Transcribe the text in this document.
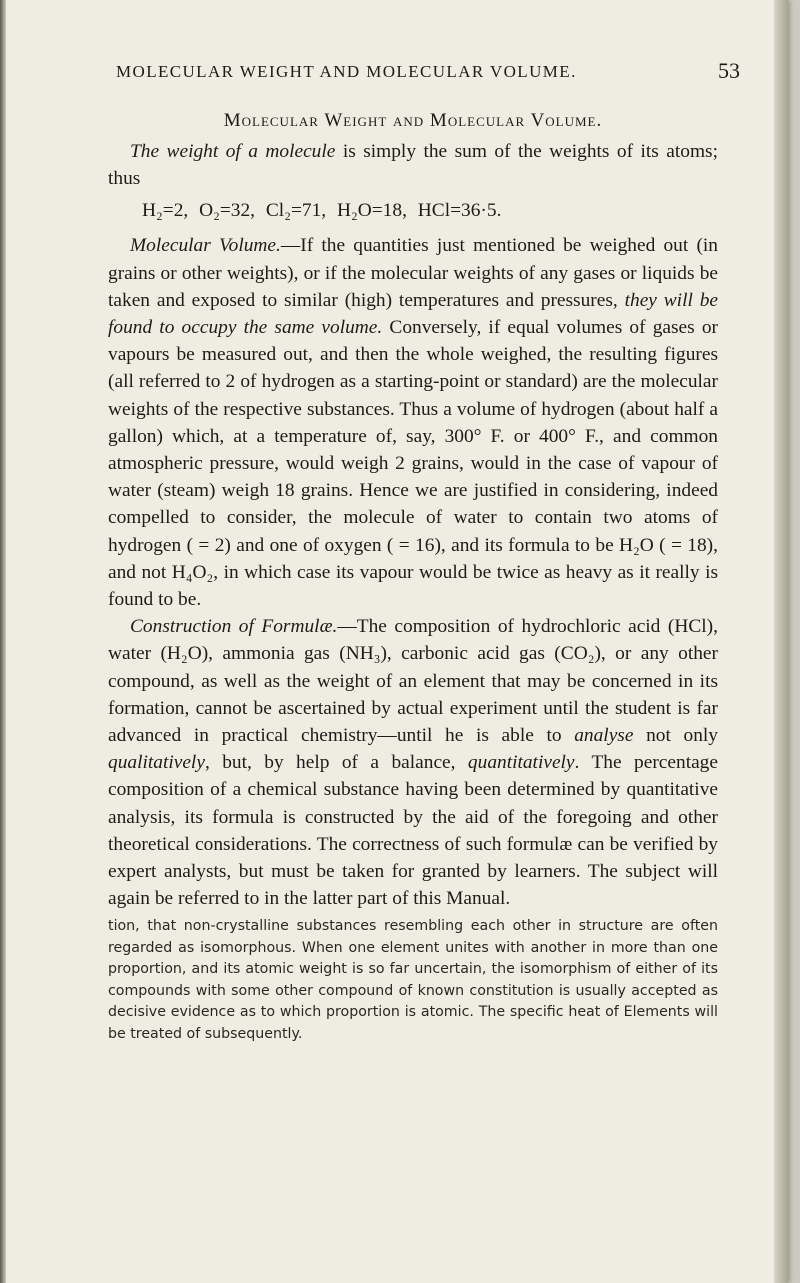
MOLECULAR WEIGHT AND MOLECULAR VOLUME.	53
Molecular Weight and Molecular Volume.

The weight of a molecule is simply the sum of the weights of its atoms; thus

H₂=2, O₂=32, Cl₂=71, H₂O=18, HCl=36·5.

Molecular Volume.—If the quantities just mentioned be weighed out (in grains or other weights), or if the molecular weights of any gases or liquids be taken and exposed to similar (high) temperatures and pressures, they will be found to occupy the same volume. Conversely, if equal volumes of gases or vapours be measured out, and then the whole weighed, the resulting figures (all referred to 2 of hydrogen as a starting-point or standard) are the molecular weights of the respective substances. Thus a volume of hydrogen (about half a gallon) which, at a temperature of, say, 300° F. or 400° F., and common atmospheric pressure, would weigh 2 grains, would in the case of vapour of water (steam) weigh 18 grains. Hence we are justified in considering, indeed compelled to consider, the molecule of water to contain two atoms of hydrogen ( = 2) and one of oxygen ( = 16), and its formula to be H₂O ( = 18), and not H₄O₂, in which case its vapour would be twice as heavy as it really is found to be.

Construction of Formulæ.—The composition of hydrochloric acid (HCl), water (H₂O), ammonia gas (NH₃), carbonic acid gas (CO₂), or any other compound, as well as the weight of an element that may be concerned in its formation, cannot be ascertained by actual experiment until the student is far advanced in practical chemistry—until he is able to analyse not only qualitatively, but, by help of a balance, quantitatively. The percentage composition of a chemical substance having been determined by quantitative analysis, its formula is constructed by the aid of the foregoing and other theoretical considerations. The correctness of such formulæ can be verified by expert analysts, but must be taken for granted by learners. The subject will again be referred to in the latter part of this Manual.

tion, that non-crystalline substances resembling each other in structure are often regarded as isomorphous. When one element unites with another in more than one proportion, and its atomic weight is so far uncertain, the isomorphism of either of its compounds with some other compound of known constitution is usually accepted as decisive evidence as to which proportion is atomic. The specific heat of Elements will be treated of subsequently.
